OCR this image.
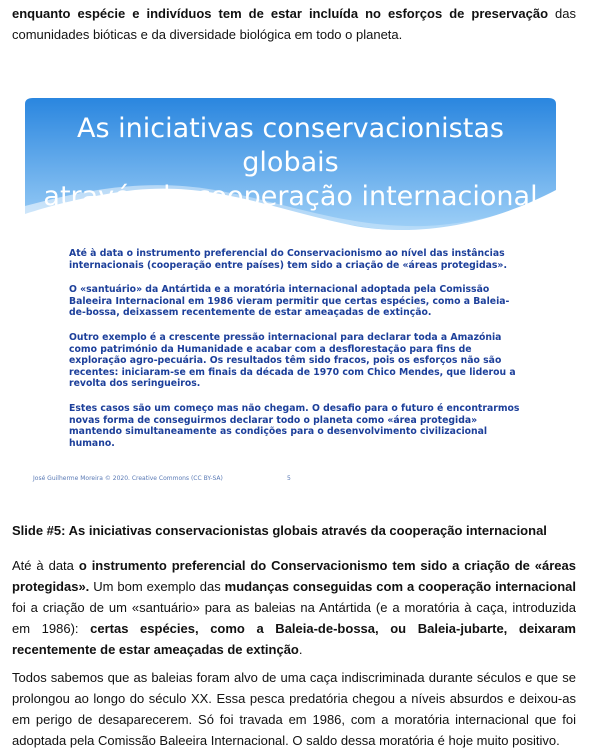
enquanto espécie e indivíduos tem de estar incluída no esforços de preservação das comunidades bióticas e da diversidade biológica em todo o planeta.

As iniciativas conservacionistas globais
através da cooperação internacional

Até à data o instrumento preferencial do Conservacionismo ao nível das instâncias internacionais (cooperação entre países) tem sido a criação de «áreas protegidas».

O «santuário» da Antártida e a moratória internacional adoptada pela Comissão Baleeira Internacional em 1986 vieram permitir que certas espécies, como a Baleia-de-bossa, deixassem recentemente de estar ameaçadas de extinção.

Outro exemplo é a crescente pressão internacional para declarar toda a Amazónia como património da Humanidade e acabar com a desflorestação para fins de exploração agro-pecuária. Os resultados têm sido fracos, pois os esforços não são recentes: iniciaram-se em finais da década de 1970 com Chico Mendes, que liderou a revolta dos seringueiros.

Estes casos são um começo mas não chegam. O desafio para o futuro é encontrarmos novas forma de conseguirmos declarar todo o planeta como «área protegida» mantendo simultaneamente as condições para o desenvolvimento civilizacional humano.

José Guilherme Moreira © 2020. Creative Commons (CC BY-SA)	5

Slide #5: As iniciativas conservacionistas globais através da cooperação internacional

Até à data o instrumento preferencial do Conservacionismo tem sido a criação de «áreas protegidas». Um bom exemplo das mudanças conseguidas com a cooperação internacional foi a criação de um «santuário» para as baleias na Antártida (e a moratória à caça, introduzida em 1986): certas espécies, como a Baleia-de-bossa, ou Baleia-jubarte, deixaram recentemente de estar ameaçadas de extinção.

Todos sabemos que as baleias foram alvo de uma caça indiscriminada durante séculos e que se prolongou ao longo do século XX. Essa pesca predatória chegou a níveis absurdos e deixou-as em perigo de desaparecerem. Só foi travada em 1986, com a moratória internacional que foi adoptada pela Comissão Baleeira Internacional. O saldo dessa moratória é hoje muito positivo.
